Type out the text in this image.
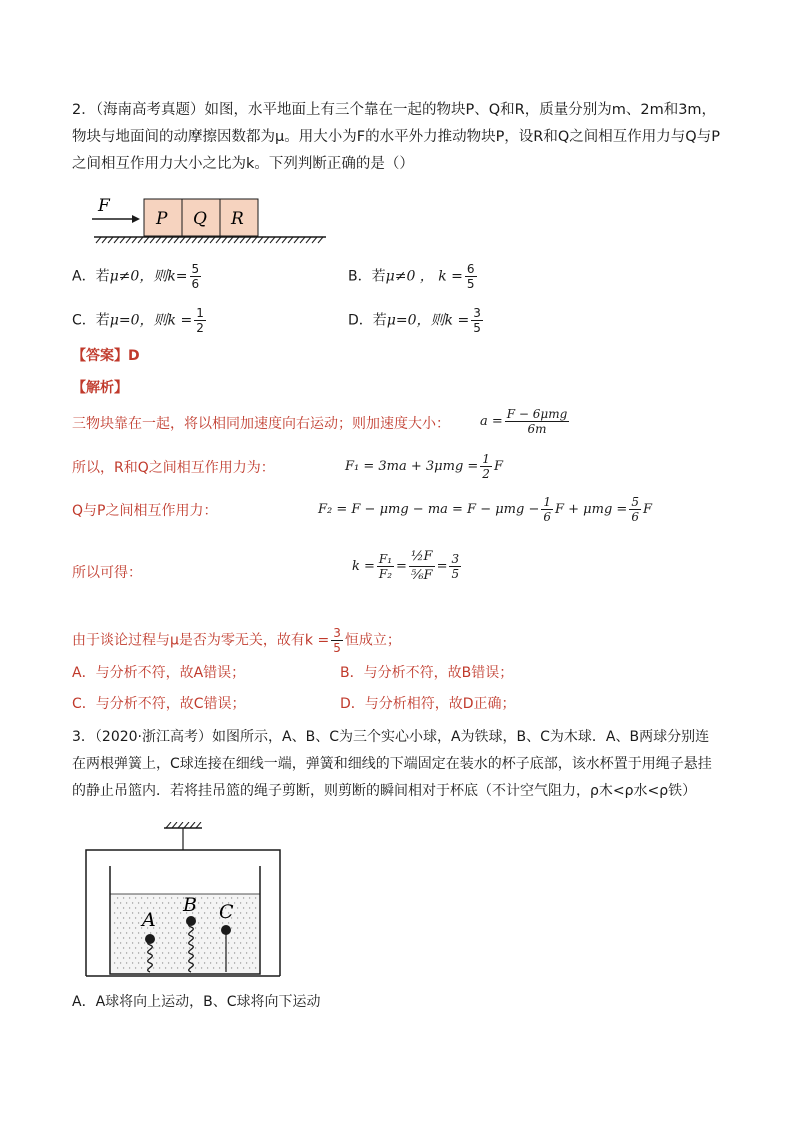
2．（海南高考真题）如图，水平地面上有三个靠在一起的物块P、Q和R，质量分别为m、2m和3m，物块与地面间的动摩擦因数都为μ。用大小为F的水平外力推动物块P，设R和Q之间相互作用力与Q与P之间相互作用力大小之比为k。下列判断正确的是（）
F
P Q R
A．若μ≠0，则$k= \frac{5}{6}$	B．若μ≠0 ， $k = \frac{6}{5}$
C．若μ=0，则$k = \frac{1}{2}$	D．若μ=0，则$k = \frac{3}{5}$
【答案】D
【解析】
三物块靠在一起，将以相同加速度向右运动；则加速度大小： $a = \frac{\text{F − 6μmg}}{6m}$
所以，R和Q之间相互作用力为：	$F_1 = 3ma + 3\mu mg = \frac{1}{2}$ F
Q与P之间相互作用力：	F₂ = F − μmg − ma = $F - \mu mg - \frac{1}{6}$ $F + \mu mg = \frac{5}{6}$ F
所以可得：	$k = \frac{\text{F₁}}{\text{F₂}} = \frac{\text{½F}}{\text{⅚F}} = \frac{3}{5}$
由于谈论过程与μ是否为零无关，故有$k = \frac{3}{5}$ 恒成立；
A．与分析不符，故A错误；	B．与分析不符，故B错误；
C．与分析不符，故C错误；	D．与分析相符，故D正确；
3．（2020·浙江高考）如图所示，A、B、C为三个实心小球，A为铁球，B、C为木球．A、B两球分别连在两根弹簧上，C球连接在细线一端，弹簧和细线的下端固定在装水的杯子底部，该水杯置于用绳子悬挂的静止吊篮内．若将挂吊篮的绳子剪断，则剪断的瞬间相对于杯底（不计空气阻力，ρ木<ρ水<ρ铁）
A
B C
A．A球将向上运动，B、C球将向下运动
